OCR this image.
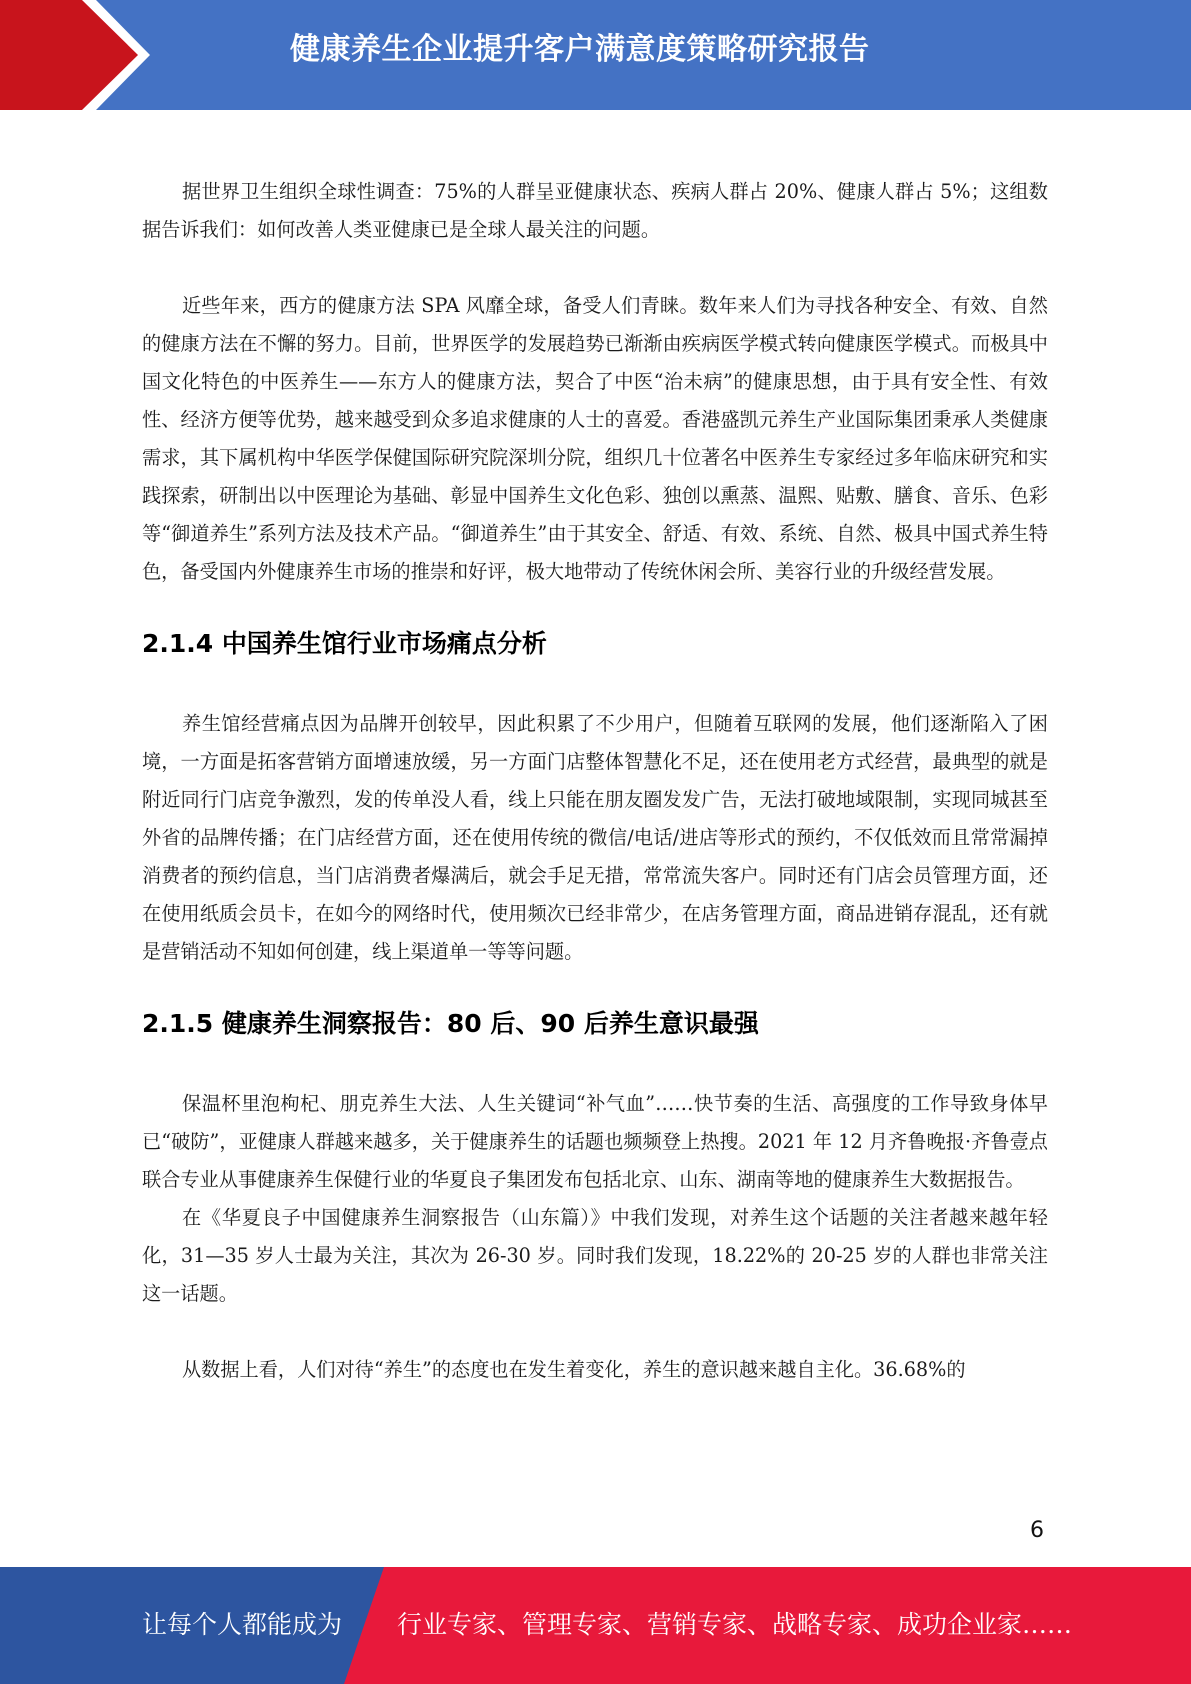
健康养生企业提升客户满意度策略研究报告

据世界卫生组织全球性调查：75%的人群呈亚健康状态、疾病人群占 20%、健康人群占 5%；这组数据告诉我们：如何改善人类亚健康已是全球人最关注的问题。

近些年来，西方的健康方法 SPA 风靡全球，备受人们青睐。数年来人们为寻找各种安全、有效、自然的健康方法在不懈的努力。目前，世界医学的发展趋势已渐渐由疾病医学模式转向健康医学模式。而极具中国文化特色的中医养生——东方人的健康方法，契合了中医“治未病”的健康思想，由于具有安全性、有效性、经济方便等优势，越来越受到众多追求健康的人士的喜爱。香港盛凯元养生产业国际集团秉承人类健康需求，其下属机构中华医学保健国际研究院深圳分院，组织几十位著名中医养生专家经过多年临床研究和实践探索，研制出以中医理论为基础、彰显中国养生文化色彩、独创以熏蒸、温熙、贴敷、膳食、音乐、色彩等“御道养生”系列方法及技术产品。“御道养生”由于其安全、舒适、有效、系统、自然、极具中国式养生特色，备受国内外健康养生市场的推崇和好评，极大地带动了传统休闲会所、美容行业的升级经营发展。

2.1.4 中国养生馆行业市场痛点分析

养生馆经营痛点因为品牌开创较早，因此积累了不少用户，但随着互联网的发展，他们逐渐陷入了困境，一方面是拓客营销方面增速放缓，另一方面门店整体智慧化不足，还在使用老方式经营，最典型的就是附近同行门店竞争激烈，发的传单没人看，线上只能在朋友圈发发广告，无法打破地域限制，实现同城甚至外省的品牌传播；在门店经营方面，还在使用传统的微信/电话/进店等形式的预约，不仅低效而且常常漏掉消费者的预约信息，当门店消费者爆满后，就会手足无措，常常流失客户。同时还有门店会员管理方面，还在使用纸质会员卡，在如今的网络时代，使用频次已经非常少，在店务管理方面，商品进销存混乱，还有就是营销活动不知如何创建，线上渠道单一等等问题。

2.1.5 健康养生洞察报告：80 后、90 后养生意识最强

保温杯里泡枸杞、朋克养生大法、人生关键词“补气血”……快节奏的生活、高强度的工作导致身体早已“破防”，亚健康人群越来越多，关于健康养生的话题也频频登上热搜。2021 年 12 月齐鲁晚报·齐鲁壹点联合专业从事健康养生保健行业的华夏良子集团发布包括北京、山东、湖南等地的健康养生大数据报告。

在《华夏良子中国健康养生洞察报告（山东篇）》中我们发现，对养生这个话题的关注者越来越年轻化，31—35 岁人士最为关注，其次为 26-30 岁。同时我们发现，18.22%的 20-25 岁的人群也非常关注这一话题。

从数据上看，人们对待“养生”的态度也在发生着变化，养生的意识越来越自主化。36.68%的

6
让每个人都能成为 行业专家、管理专家、营销专家、战略专家、成功企业家……
